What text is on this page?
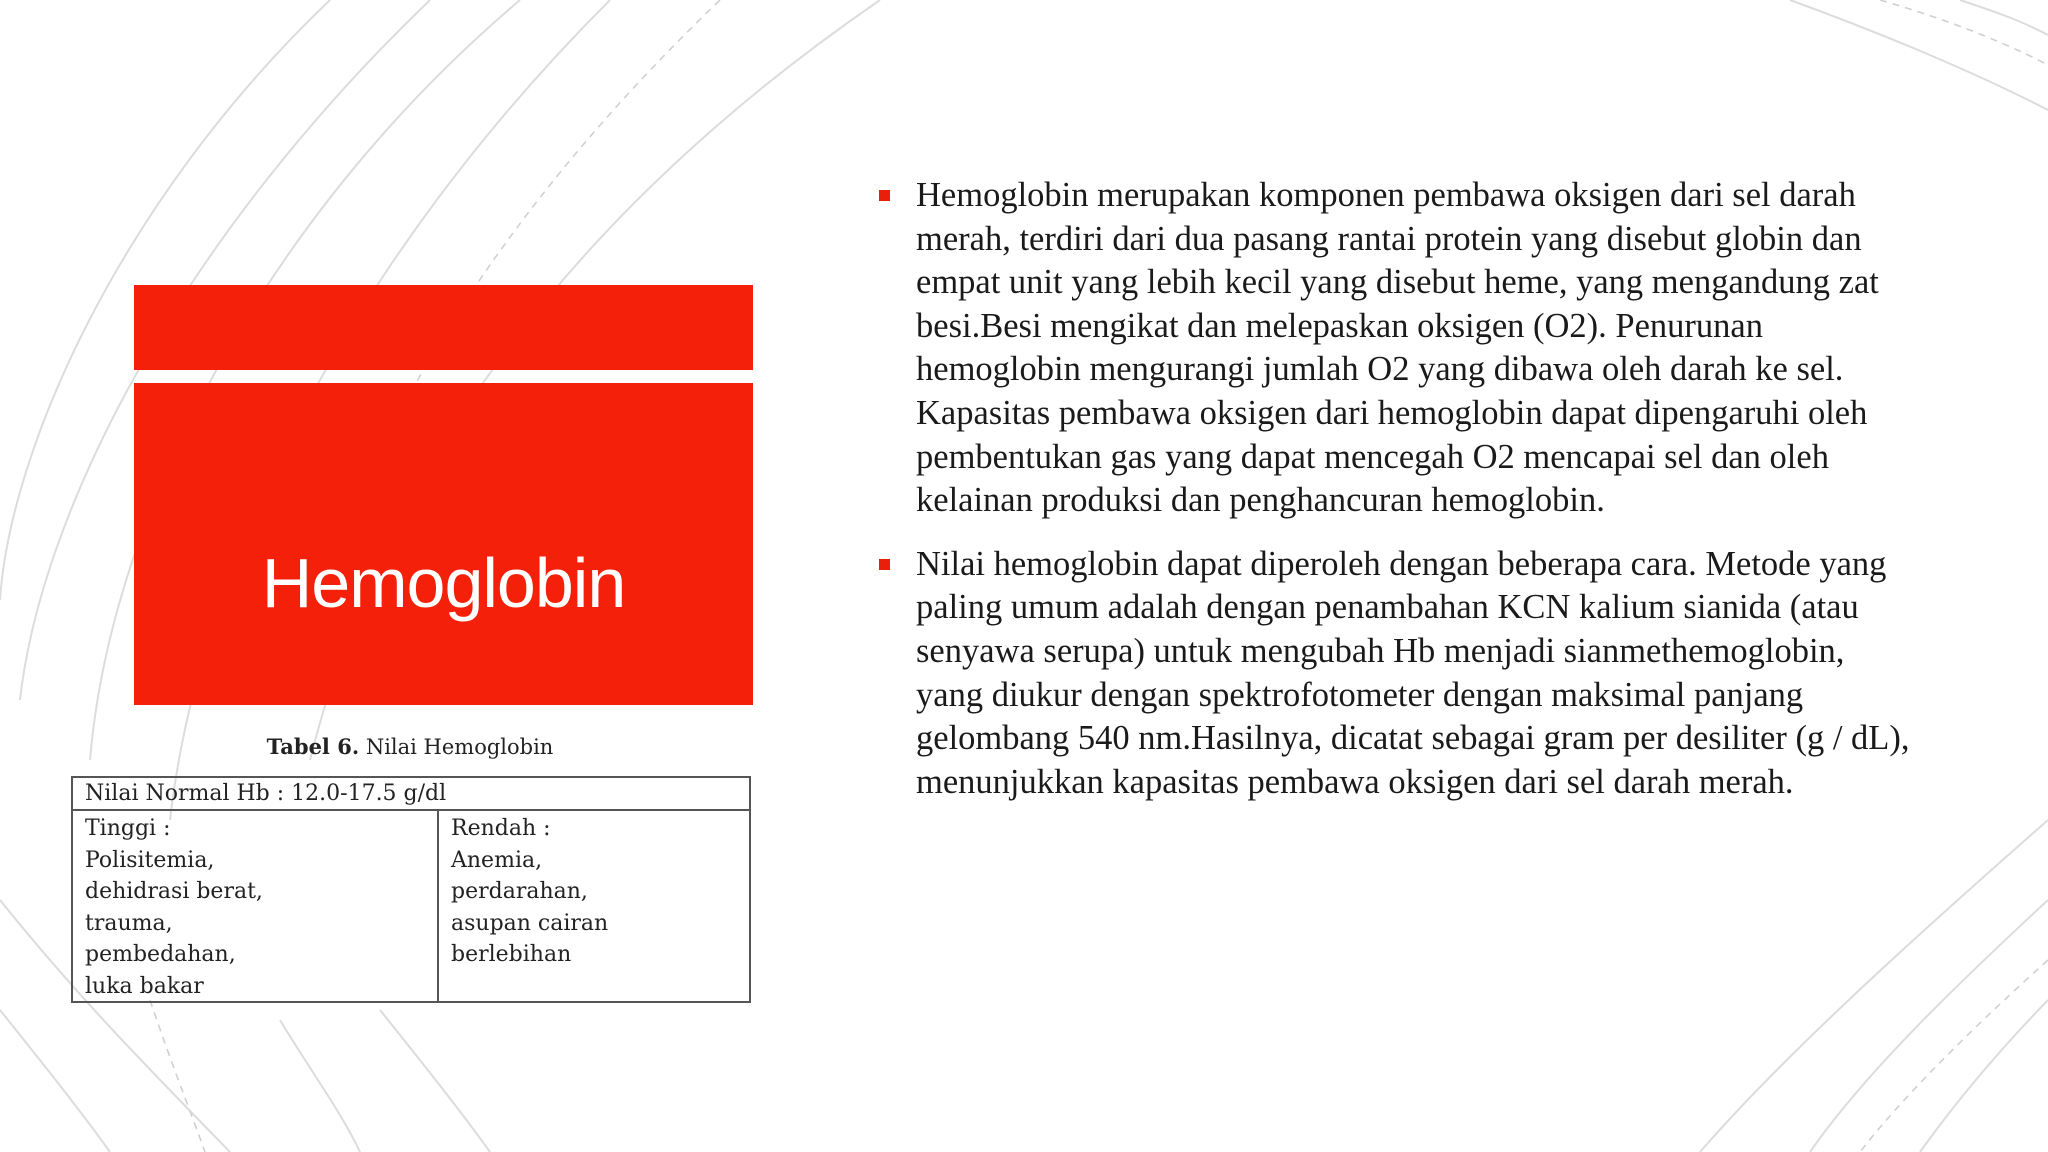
Hemoglobin
Tabel 6. Nilai Hemoglobin
Nilai Normal Hb : 12.0-17.5 g/dl
Tinggi :
Polisitemia,
dehidrasi berat,
trauma,
pembedahan,
luka bakar
Rendah :
Anemia,
perdarahan,
asupan cairan
berlebihan
Hemoglobin merupakan komponen pembawa oksigen dari sel darah merah, terdiri dari dua pasang rantai protein yang disebut globin dan empat unit yang lebih kecil yang disebut heme, yang mengandung zat besi.Besi mengikat dan melepaskan oksigen (O2). Penurunan hemoglobin mengurangi jumlah O2 yang dibawa oleh darah ke sel. Kapasitas pembawa oksigen dari hemoglobin dapat dipengaruhi oleh pembentukan gas yang dapat mencegah O2 mencapai sel dan oleh kelainan produksi dan penghancuran hemoglobin.
Nilai hemoglobin dapat diperoleh dengan beberapa cara. Metode yang paling umum adalah dengan penambahan KCN kalium sianida (atau senyawa serupa) untuk mengubah Hb menjadi sianmethemoglobin, yang diukur dengan spektrofotometer dengan maksimal panjang gelombang 540 nm.Hasilnya, dicatat sebagai gram per desiliter (g / dL), menunjukkan kapasitas pembawa oksigen dari sel darah merah.
